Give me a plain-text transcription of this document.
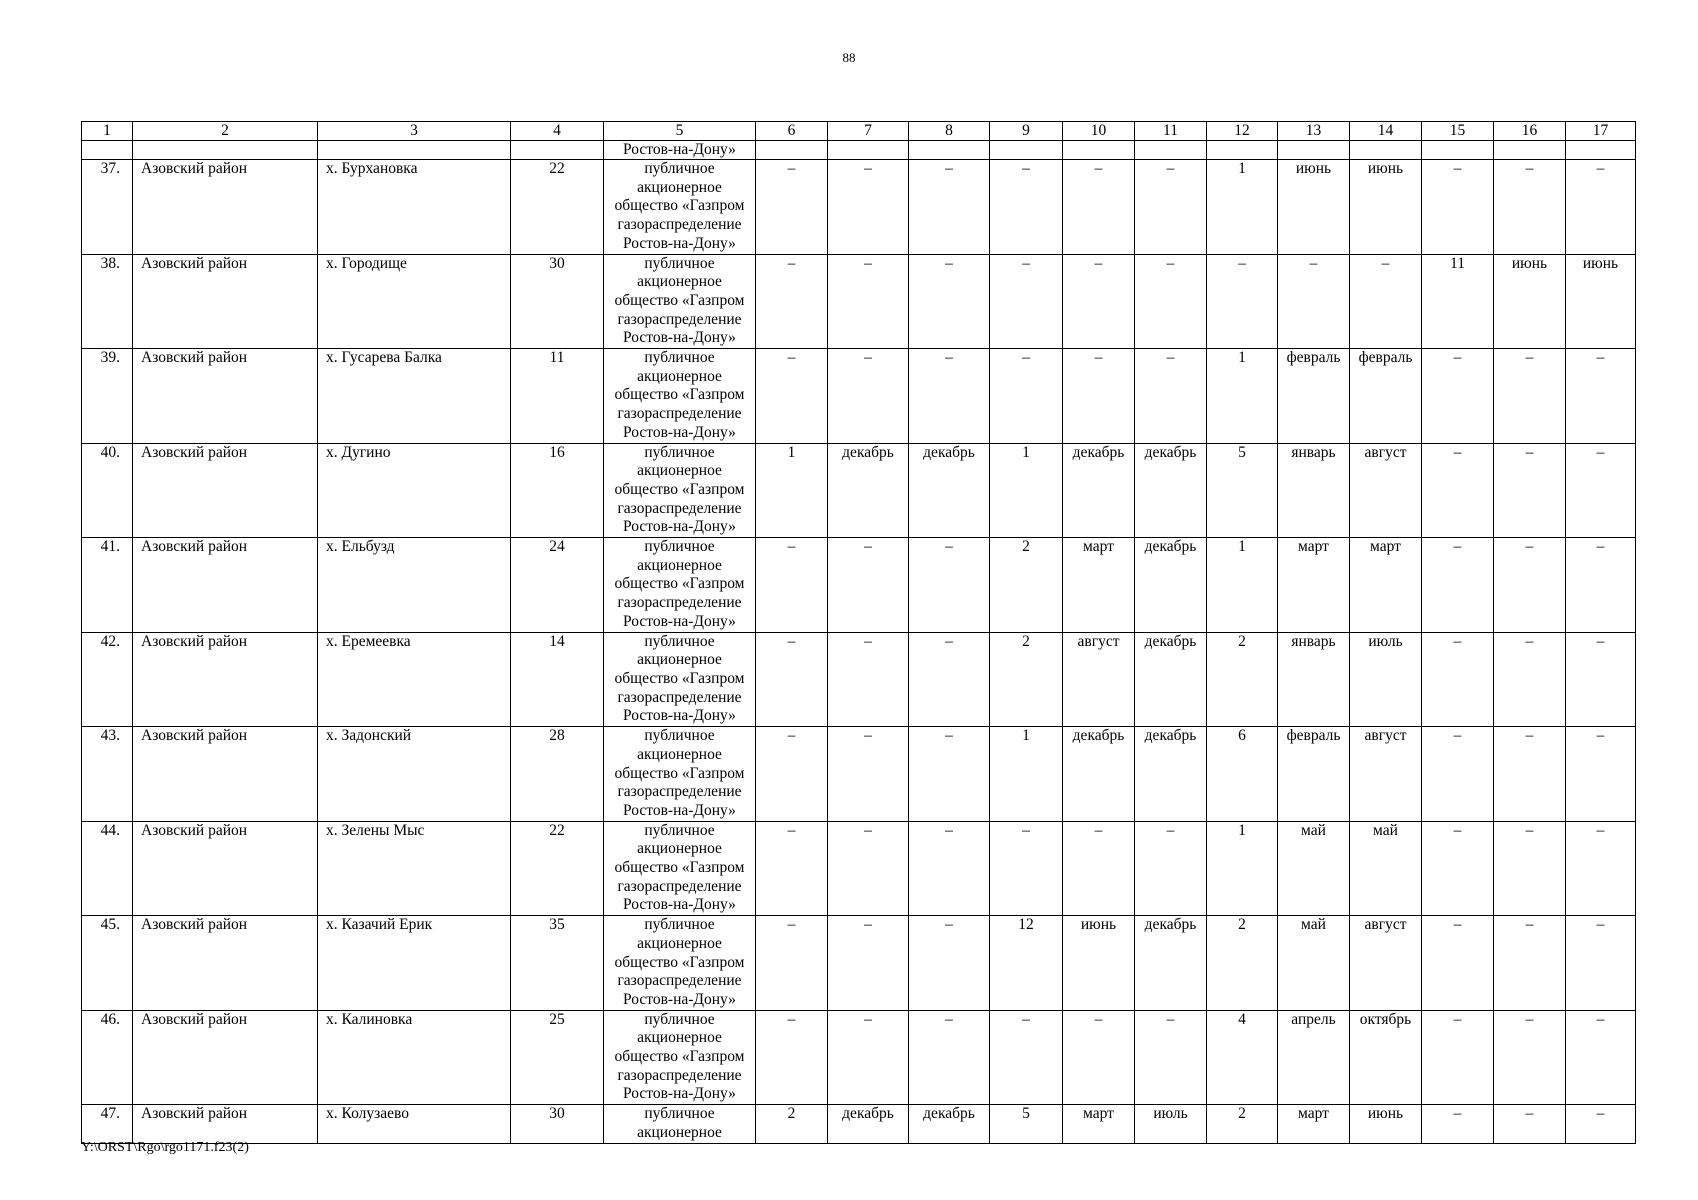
88
1	2	3	4	5	6	7	8	9	10	11	12	13	14	15	16	17
				Ростов-на-Дону»												
37.	Азовский район	х. Бурхановка	22	публичное
акционерное
общество «Газпром
газораспределение
Ростов-на-Дону»	–	–	–	–	–	–	1	июнь	июнь	–	–	–
38.	Азовский район	х. Городище	30	публичное
акционерное
общество «Газпром
газораспределение
Ростов-на-Дону»	–	–	–	–	–	–	–	–	–	11	июнь	июнь
39.	Азовский район	х. Гусарева Балка	11	публичное
акционерное
общество «Газпром
газораспределение
Ростов-на-Дону»	–	–	–	–	–	–	1	февраль	февраль	–	–	–
40.	Азовский район	х. Дугино	16	публичное
акционерное
общество «Газпром
газораспределение
Ростов-на-Дону»	1	декабрь	декабрь	1	декабрь	декабрь	5	январь	август	–	–	–
41.	Азовский район	х. Ельбузд	24	публичное
акционерное
общество «Газпром
газораспределение
Ростов-на-Дону»	–	–	–	2	март	декабрь	1	март	март	–	–	–
42.	Азовский район	х. Еремеевка	14	публичное
акционерное
общество «Газпром
газораспределение
Ростов-на-Дону»	–	–	–	2	август	декабрь	2	январь	июль	–	–	–
43.	Азовский район	х. Задонский	28	публичное
акционерное
общество «Газпром
газораспределение
Ростов-на-Дону»	–	–	–	1	декабрь	декабрь	6	февраль	август	–	–	–
44.	Азовский район	х. Зелены Мыс	22	публичное
акционерное
общество «Газпром
газораспределение
Ростов-на-Дону»	–	–	–	–	–	–	1	май	май	–	–	–
45.	Азовский район	х. Казачий Ерик	35	публичное
акционерное
общество «Газпром
газораспределение
Ростов-на-Дону»	–	–	–	12	июнь	декабрь	2	май	август	–	–	–
46.	Азовский район	х. Калиновка	25	публичное
акционерное
общество «Газпром
газораспределение
Ростов-на-Дону»	–	–	–	–	–	–	4	апрель	октябрь	–	–	–
47.	Азовский район	х. Колузаево	30	публичное
акционерное	2	декабрь	декабрь	5	март	июль	2	март	июнь	–	–	–
Y:\ORST\Rgo\rgo1171.f23(2)
